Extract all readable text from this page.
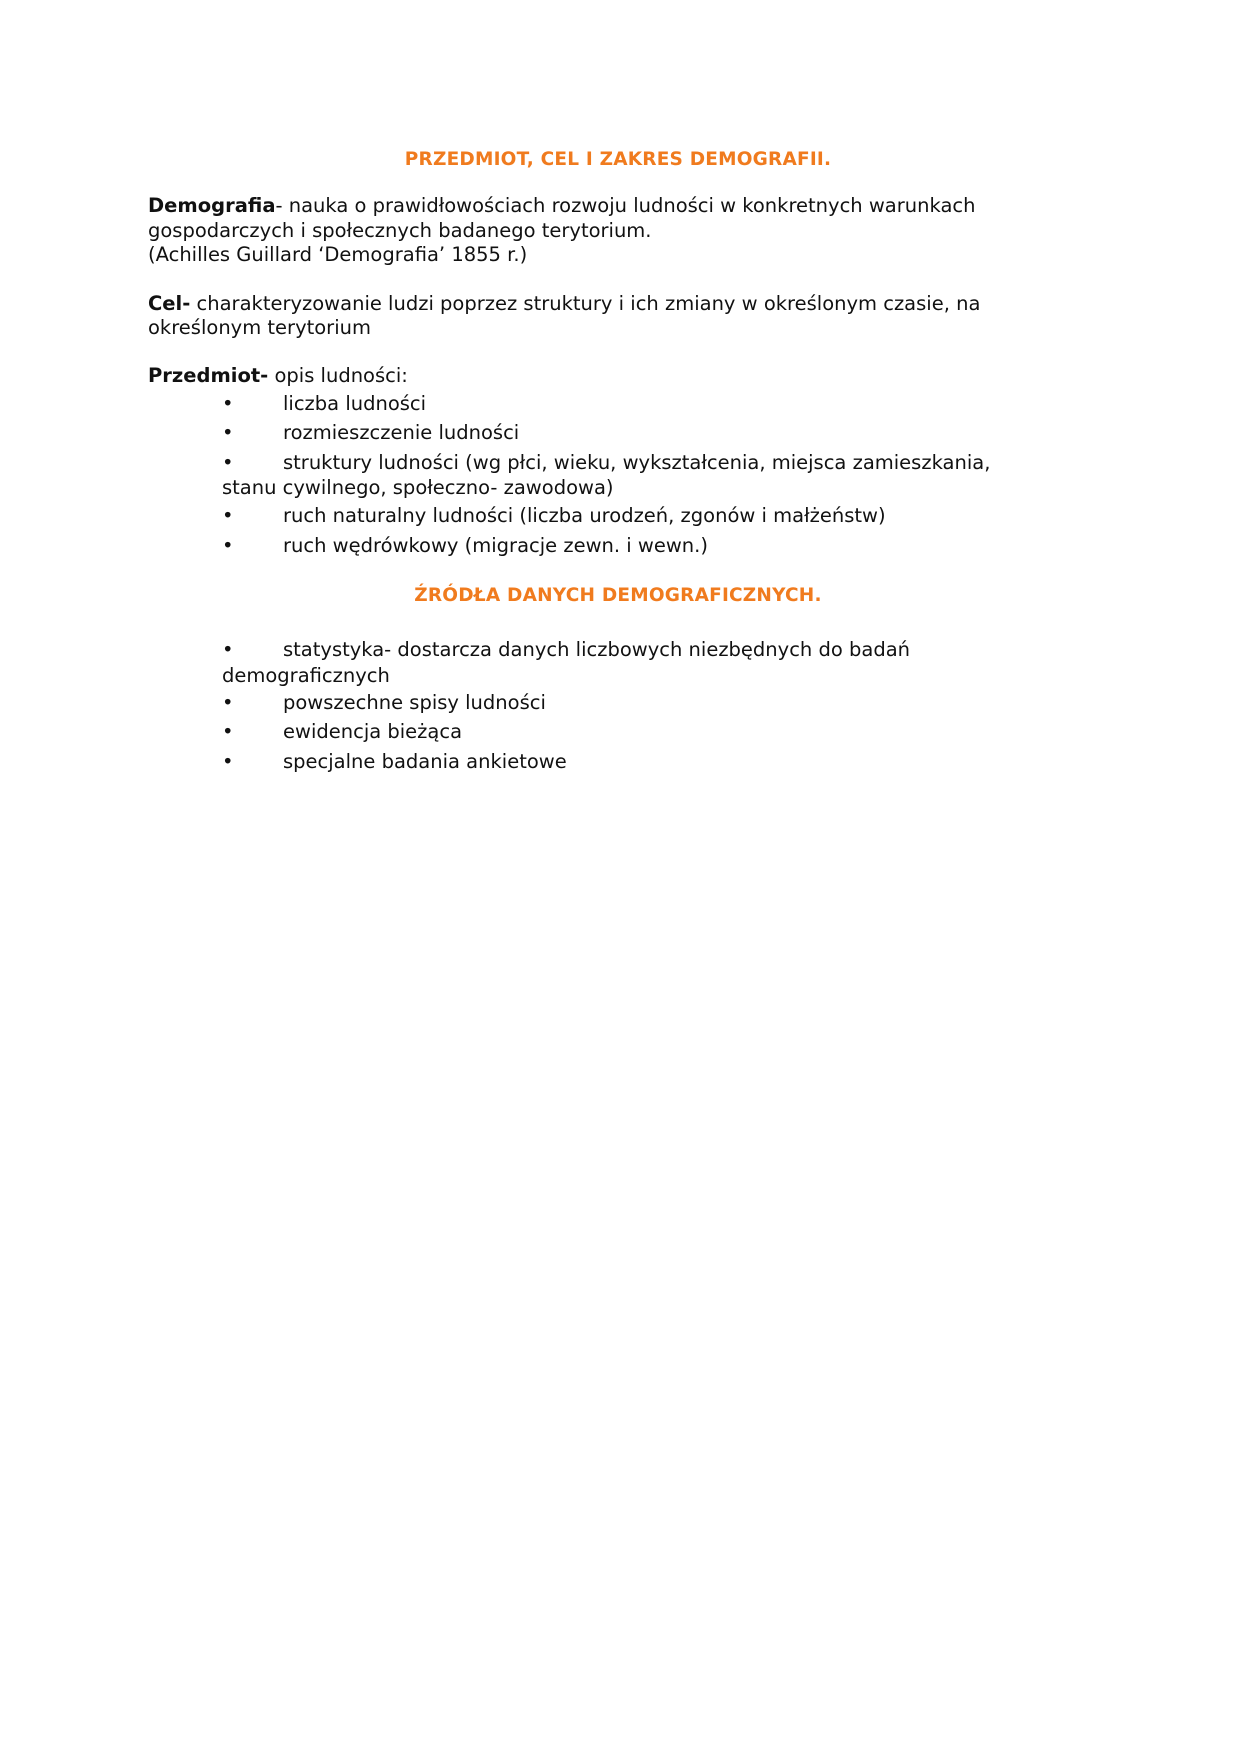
PRZEDMIOT, CEL I ZAKRES DEMOGRAFII.
Demografia- nauka o prawidłowościach rozwoju ludności w konkretnych warunkach
gospodarczych i społecznych badanego terytorium.
(Achilles Guillard ‘Demografia’ 1855 r.)
Cel- charakteryzowanie ludzi poprzez struktury i ich zmiany w określonym czasie, na
określonym terytorium
Przedmiot- opis ludności:
•	liczba ludności
•	rozmieszczenie ludności
•	struktury ludności (wg płci, wieku, wykształcenia, miejsca zamieszkania,
stanu cywilnego, społeczno- zawodowa)
•	ruch naturalny ludności (liczba urodzeń, zgonów i małżeństw)
•	ruch wędrówkowy (migracje zewn. i wewn.)
ŹRÓDŁA DANYCH DEMOGRAFICZNYCH.
•	statystyka- dostarcza danych liczbowych niezbędnych do badań
demograficznych
•	powszechne spisy ludności
•	ewidencja bieżąca
•	specjalne badania ankietowe
